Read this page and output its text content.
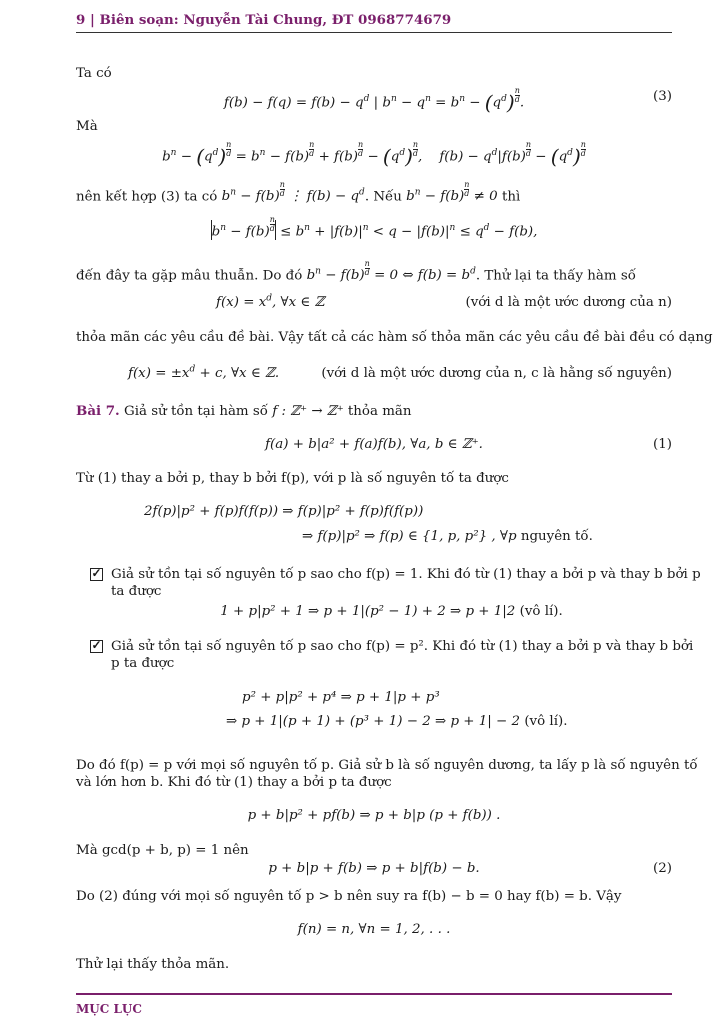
9 | Biên soạn: Nguyễn Tài Chung, ĐT 0968774679
Ta có
$f(b) - f(q) = f(b) - q^d$ | $b^n - q^n = b^n - (q^d) \frac{n}{d}$ .	(3)
Mà
$b^n - (q^d) \frac{n}{d} = b^n - f(b) \frac{n}{d} + f(b) \frac{n}{d} - (q^d) \frac{n}{d}$ ,    $f(b) - q^d|f(b) \frac{n}{d} - (q^d) \frac{n}{d}$
nên kết hợp (3) ta có $b^n - f(b) \frac{n}{d}$ ⋮ $f(b) - q^d$. Nếu $b^n - f(b) \frac{n}{d} \ne 0$ thì
$b^n - f(b) \frac{n}{d} \le b^n + |f(b)|^n < q - |f(b)|^n \le q^d - f(b)$,
đến đây ta gặp mâu thuẫn. Do đó $b^n - f(b) \frac{n}{d} = 0$ ⇔ $f(b) = b^d$. Thử lại ta thấy hàm số
$f(x) = x^d$, ∀x ∈ ℤ	(với d là một ước dương của n)
thỏa mãn các yêu cầu đề bài. Vậy tất cả các hàm số thỏa mãn các yêu cầu đề bài đều có dạng
$f(x) = \pm x^d + c$, ∀x ∈ ℤ.	(với d là một ước dương của n, c là hằng số nguyên)
Bài 7. Giả sử tồn tại hàm số f : ℤ⁺ → ℤ⁺ thỏa mãn
f(a) + b|a² + f(a)f(b), ∀a, b ∈ ℤ⁺.	(1)
Từ (1) thay a bởi p, thay b bởi f(p), với p là số nguyên tố ta được
2f(p)|p² + f(p)f(f(p)) ⇒ f(p)|p² + f(p)f(f(p))
⇒ f(p)|p² ⇒ f(p) ∈ {1, p, p²} , ∀p nguyên tố.
✓ Giả sử tồn tại số nguyên tố p sao cho f(p) = 1. Khi đó từ (1) thay a bởi p và thay b bởi p
ta được
1 + p|p² + 1 ⇒ p + 1|(p² − 1) + 2 ⇒ p + 1|2 (vô lí).
✓ Giả sử tồn tại số nguyên tố p sao cho f(p) = p². Khi đó từ (1) thay a bởi p và thay b bởi
p ta được
p² + p|p² + p⁴ ⇒ p + 1|p + p³
⇒ p + 1|(p + 1) + (p³ + 1) − 2 ⇒ p + 1| − 2 (vô lí).
Do đó f(p) = p với mọi số nguyên tố p. Giả sử b là số nguyên dương, ta lấy p là số nguyên tố
và lớn hơn b. Khi đó từ (1) thay a bởi p ta được
p + b|p² + pf(b) ⇒ p + b|p (p + f(b)) .
Mà gcd(p + b, p) = 1 nên
p + b|p + f(b) ⇒ p + b|f(b) − b.	(2)
Do (2) đúng với mọi số nguyên tố p > b nên suy ra f(b) − b = 0 hay f(b) = b. Vậy
f(n) = n, ∀n = 1, 2, . . .
Thử lại thấy thỏa mãn.
MỤC LỤC
